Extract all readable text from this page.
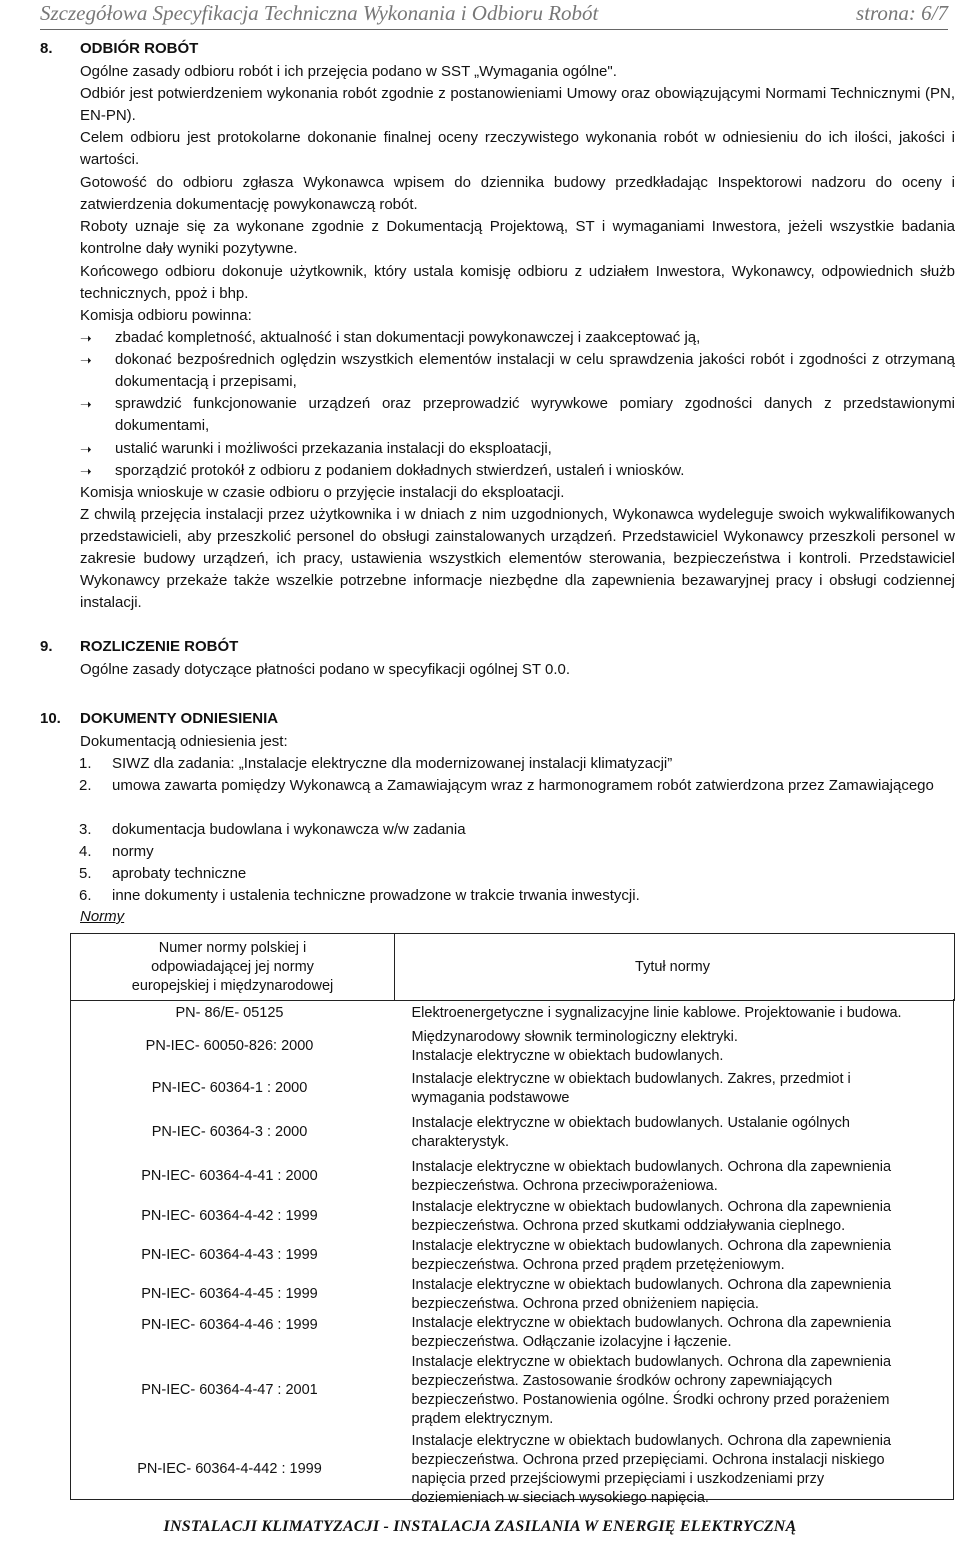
Szczegółowa Specyfikacja Techniczna Wykonania i Odbioru Robót	strona: 6/7
8. ODBIÓR ROBÓT
Ogólne zasady odbioru robót i ich przejęcia podano w SST „Wymagania ogólne".
Odbiór jest potwierdzeniem wykonania robót zgodnie z postanowieniami Umowy oraz obowiązującymi Normami Technicznymi (PN, EN-PN).
Celem odbioru jest protokolarne dokonanie finalnej oceny rzeczywistego wykonania robót w odniesieniu do ich ilości, jakości i wartości.
Gotowość do odbioru zgłasza Wykonawca wpisem do dziennika budowy przedkładając Inspektorowi nadzoru do oceny i zatwierdzenia dokumentację powykonawczą robót.
Roboty uznaje się za wykonane zgodnie z Dokumentacją Projektową, ST i wymaganiami Inwestora, jeżeli wszystkie badania kontrolne dały wyniki pozytywne.
Końcowego odbioru dokonuje użytkownik, który ustala komisję odbioru z udziałem Inwestora, Wykonawcy, odpowiednich służb technicznych, ppoż i bhp.
Komisja odbioru powinna:
➝ zbadać kompletność, aktualność i stan dokumentacji powykonawczej i zaakceptować ją,
➝ dokonać bezpośrednich oględzin wszystkich elementów instalacji w celu sprawdzenia jakości robót i zgodności z otrzymaną dokumentacją i przepisami,
➝ sprawdzić funkcjonowanie urządzeń oraz przeprowadzić wyrywkowe pomiary zgodności danych z przedstawionymi dokumentami,
➝ ustalić warunki i możliwości przekazania instalacji do eksploatacji,
➝ sporządzić protokół z odbioru z podaniem dokładnych stwierdzeń, ustaleń i wniosków.
Komisja wnioskuje w czasie odbioru o przyjęcie instalacji do eksploatacji.
Z chwilą przejęcia instalacji przez użytkownika i w dniach z nim uzgodnionych, Wykonawca wydeleguje swoich wykwalifikowanych przedstawicieli, aby przeszkolić personel do obsługi zainstalowanych urządzeń. Przedstawiciel Wykonawcy przeszkoli personel w zakresie budowy urządzeń, ich pracy, ustawienia wszystkich elementów sterowania, bezpieczeństwa i kontroli. Przedstawiciel Wykonawcy przekaże także wszelkie potrzebne informacje niezbędne dla zapewnienia bezawaryjnej pracy i obsługi codziennej instalacji.
9. ROZLICZENIE ROBÓT
Ogólne zasady dotyczące płatności podano w specyfikacji ogólnej ST 0.0.
10. DOKUMENTY ODNIESIENIA
Dokumentacją odniesienia jest:
1. SIWZ dla zadania: „Instalacje elektryczne dla modernizowanej instalacji klimatyzacji”
2. umowa zawarta pomiędzy Wykonawcą a Zamawiającym wraz z harmonogramem robót zatwierdzona przez Zamawiającego
3. dokumentacja budowlana i wykonawcza w/w zadania
4. normy
5. aprobaty techniczne
6. inne dokumenty i ustalenia techniczne prowadzone w trakcie trwania inwestycji.
Normy
Numer normy polskiej i
odpowiadającej jej normy
europejskiej i międzynarodowej	Tytuł normy
PN- 86/E- 05125	Elektroenergetyczne i sygnalizacyjne linie kablowe. Projektowanie i budowa.

PN-IEC- 60050-826: 2000	Międzynarodowy słownik terminologiczny elektryki.
Instalacje elektryczne w obiektach budowlanych.

PN-IEC- 60364-1 : 2000	Instalacje elektryczne w obiektach budowlanych. Zakres, przedmiot i
wymagania podstawowe

PN-IEC- 60364-3 : 2000	Instalacje elektryczne w obiektach budowlanych. Ustalanie ogólnych
charakterystyk.

PN-IEC- 60364-4-41 : 2000	Instalacje elektryczne w obiektach budowlanych. Ochrona dla zapewnienia
bezpieczeństwa. Ochrona przeciwporażeniowa.

PN-IEC- 60364-4-42 : 1999	Instalacje elektryczne w obiektach budowlanych. Ochrona dla zapewnienia
bezpieczeństwa. Ochrona przed skutkami oddziaływania cieplnego.

PN-IEC- 60364-4-43 : 1999	Instalacje elektryczne w obiektach budowlanych. Ochrona dla zapewnienia
bezpieczeństwa. Ochrona przed prądem przetężeniowym.

PN-IEC- 60364-4-45 : 1999	Instalacje elektryczne w obiektach budowlanych. Ochrona dla zapewnienia
bezpieczeństwa. Ochrona przed obniżeniem napięcia.

PN-IEC- 60364-4-46 : 1999	Instalacje elektryczne w obiektach budowlanych. Ochrona dla zapewnienia
bezpieczeństwa. Odłączanie izolacyjne i łączenie.

PN-IEC- 60364-4-47 : 2001	Instalacje elektryczne w obiektach budowlanych. Ochrona dla zapewnienia
bezpieczeństwa. Zastosowanie środków ochrony zapewniających
bezpieczeństwo. Postanowienia ogólne. Środki ochrony przed porażeniem
prądem elektrycznym.

PN-IEC- 60364-4-442 : 1999	Instalacje elektryczne w obiektach budowlanych. Ochrona dla zapewnienia
bezpieczeństwa. Ochrona przed przepięciami. Ochrona instalacji niskiego
napięcia przed przejściowymi przepięciami i uszkodzeniami przy
doziemieniach w sieciach wysokiego napięcia.
INSTALACJI KLIMATYZACJI - INSTALACJA ZASILANIA W ENERGIĘ ELEKTRYCZNĄ
